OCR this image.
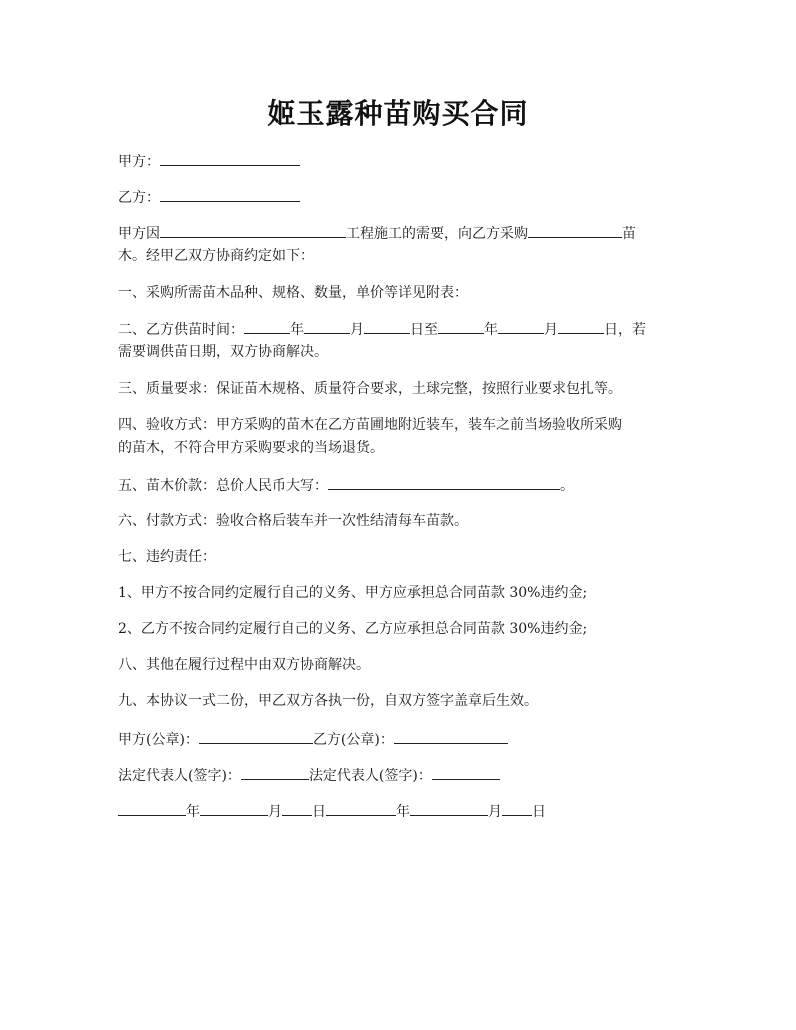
姬玉露种苗购买合同
甲方：
乙方：
甲方因	工程施工的需要，向乙方采购	苗
木。经甲乙双方协商约定如下：
一、采购所需苗木品种、规格、数量，单价等详见附表：
二、乙方供苗时间：	年	月	日至	年	月	日，若
需要调供苗日期，双方协商解决。
三、质量要求：保证苗木规格、质量符合要求，土球完整，按照行业要求包扎等。
四、验收方式：甲方采购的苗木在乙方苗圃地附近装车，装车之前当场验收所采购
的苗木，不符合甲方采购要求的当场退货。
五、苗木价款：总价人民币大写：	。
六、付款方式：验收合格后装车并一次性结清每车苗款。
七、违约责任：
1、甲方不按合同约定履行自己的义务、甲方应承担总合同苗款 30%违约金;
2、乙方不按合同约定履行自己的义务、乙方应承担总合同苗款 30%违约金;
八、其他在履行过程中由双方协商解决。
九、本协议一式二份，甲乙双方各执一份，自双方签字盖章后生效。
甲方(公章)：	乙方(公章)：
法定代表人(签字)：	法定代表人(签字)：
年	月 日	年	月 日
